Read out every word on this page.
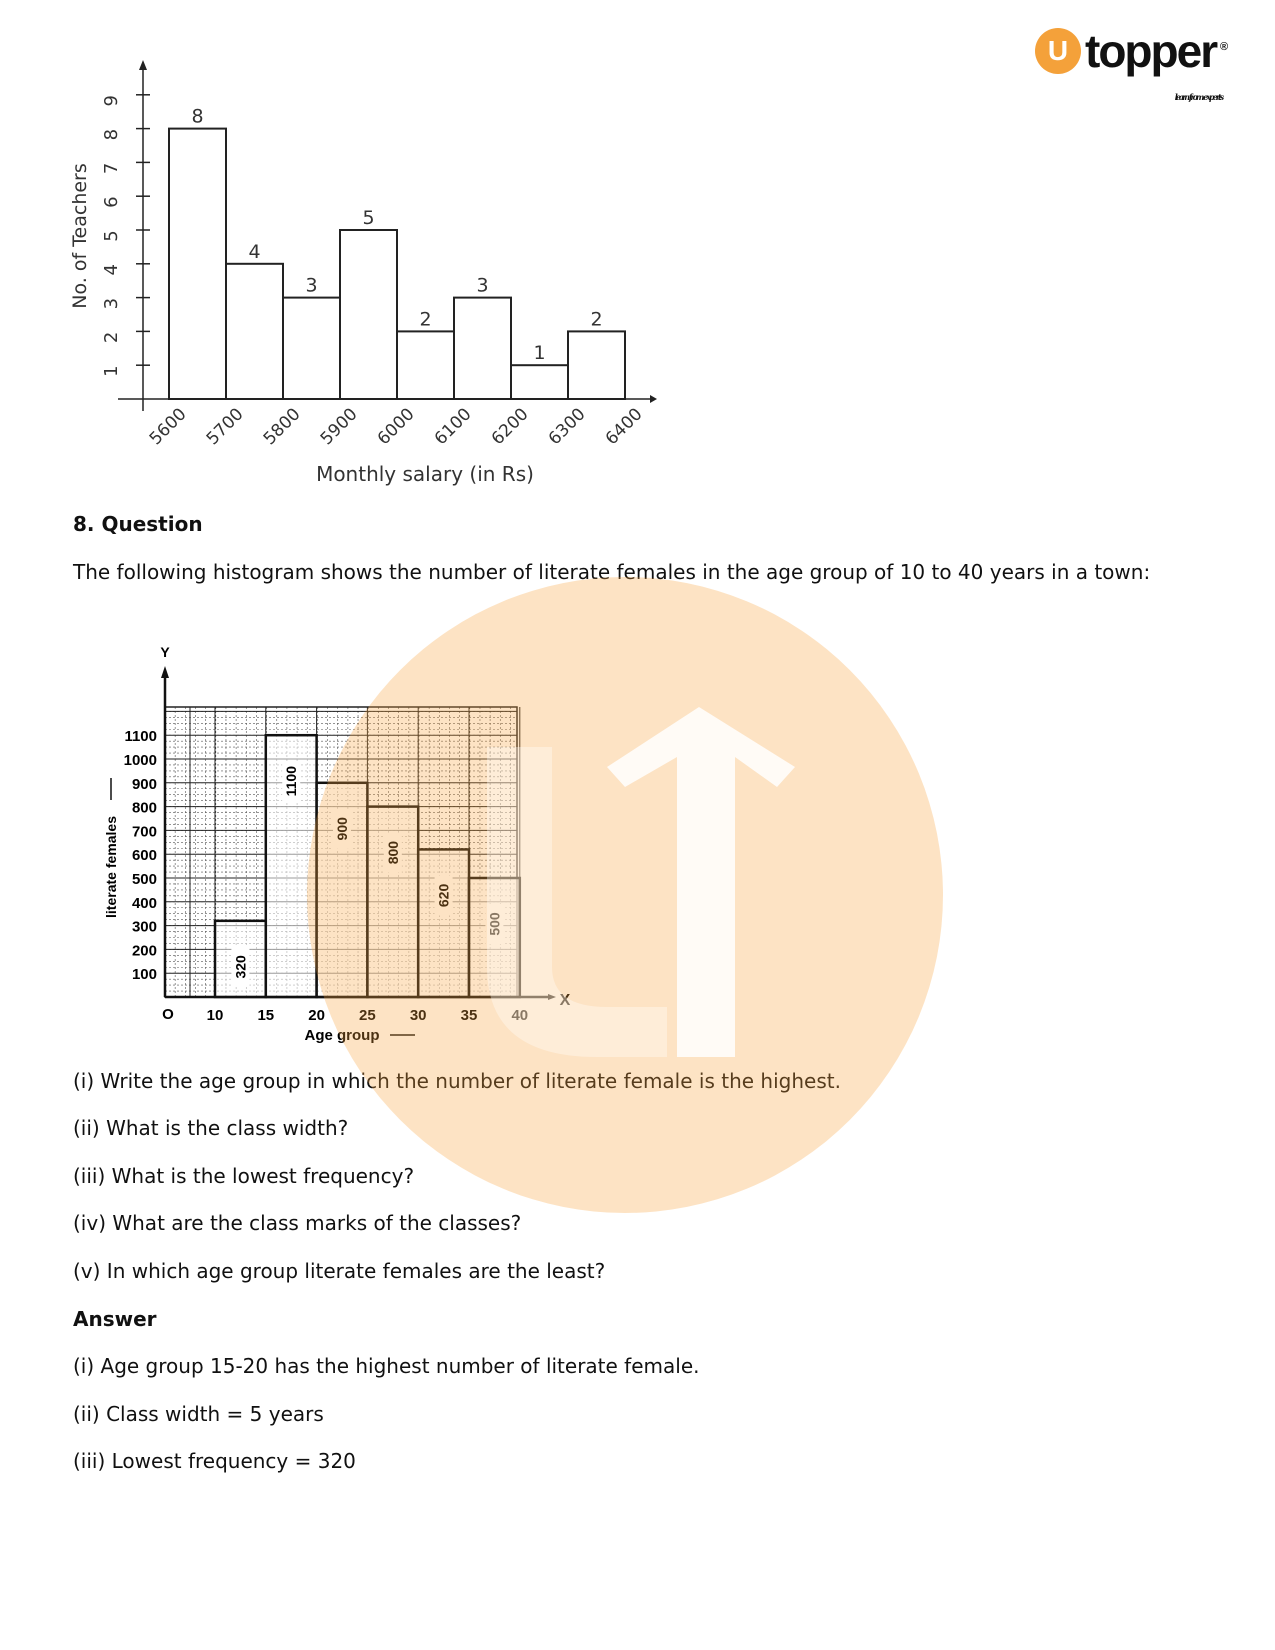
U topper ®
learn from experts
1
2
3
4
5
6
7
8
9
No. of Teachers
8
4
3
5
2
3
1
2
5600 5700 5800 5900 6000 6100 6200 6300 6400
Monthly salary (in Rs)
8. Question
The following histogram shows the number of literate females in the age group of 10 to 40 years in a town:
Y
X
O
320
1100
900
800
620
500
100
200
300
400
500
600
700
800
900
1000
1100
10 15 20 25 30 35 40
Age group
literate females
(i) Write the age group in which the number of literate female is the highest.
(ii) What is the class width?
(iii) What is the lowest frequency?
(iv) What are the class marks of the classes?
(v) In which age group literate females are the least?
Answer
(i) Age group 15-20 has the highest number of literate female.
(ii) Class width = 5 years
(iii) Lowest frequency = 320
